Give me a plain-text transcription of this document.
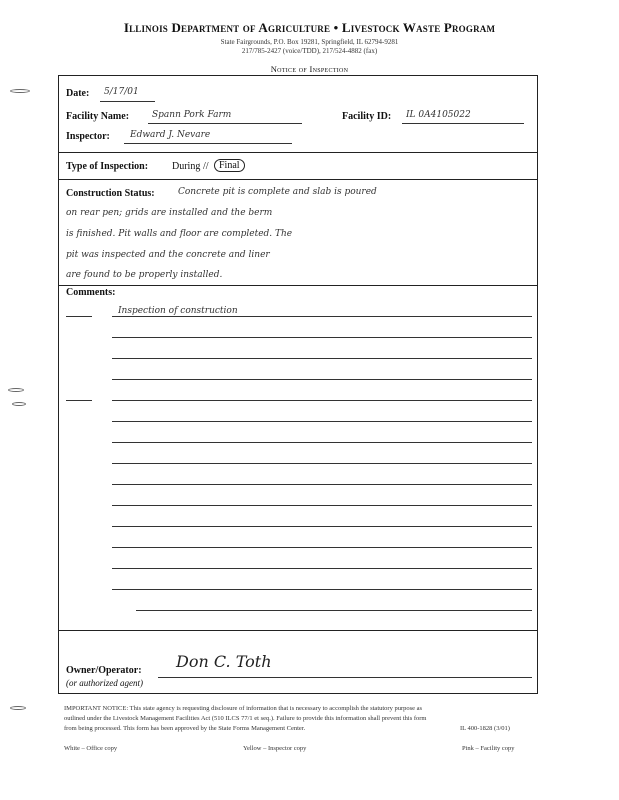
Illinois Department of Agriculture • Livestock Waste Program
State Fairgrounds, P.O. Box 19281, Springfield, IL 62794-9281
217/785-2427 (voice/TDD), 217/524-4882 (fax)
Notice of Inspection
Date: 5/17/01
Facility Name:	Spann Pork Farm	Facility ID: IL 0A4105022
Inspector: Edward J. Nevare
Type of Inspection: During //	Final
Construction Status:	Concrete pit is complete and slab is poured
on rear pen; grids are installed and the berm
is finished. Pit walls and floor are completed. The
pit was inspected and the concrete and liner
are found to be properly installed.
Comments:
Inspection of construction
Owner/Operator:
(or authorized agent)
Don C. Toth
IMPORTANT NOTICE: This state agency is requesting disclosure of information that is necessary to accomplish the statutory purpose as
outlined under the Livestock Management Facilities Act (510 ILCS 77/1 et seq.). Failure to provide this information shall prevent this form
from being processed. This form has been approved by the State Forms Management Center.	IL 400-1828 (3/01)
White – Office copy	Yellow – Inspector copy	Pink – Facility copy
